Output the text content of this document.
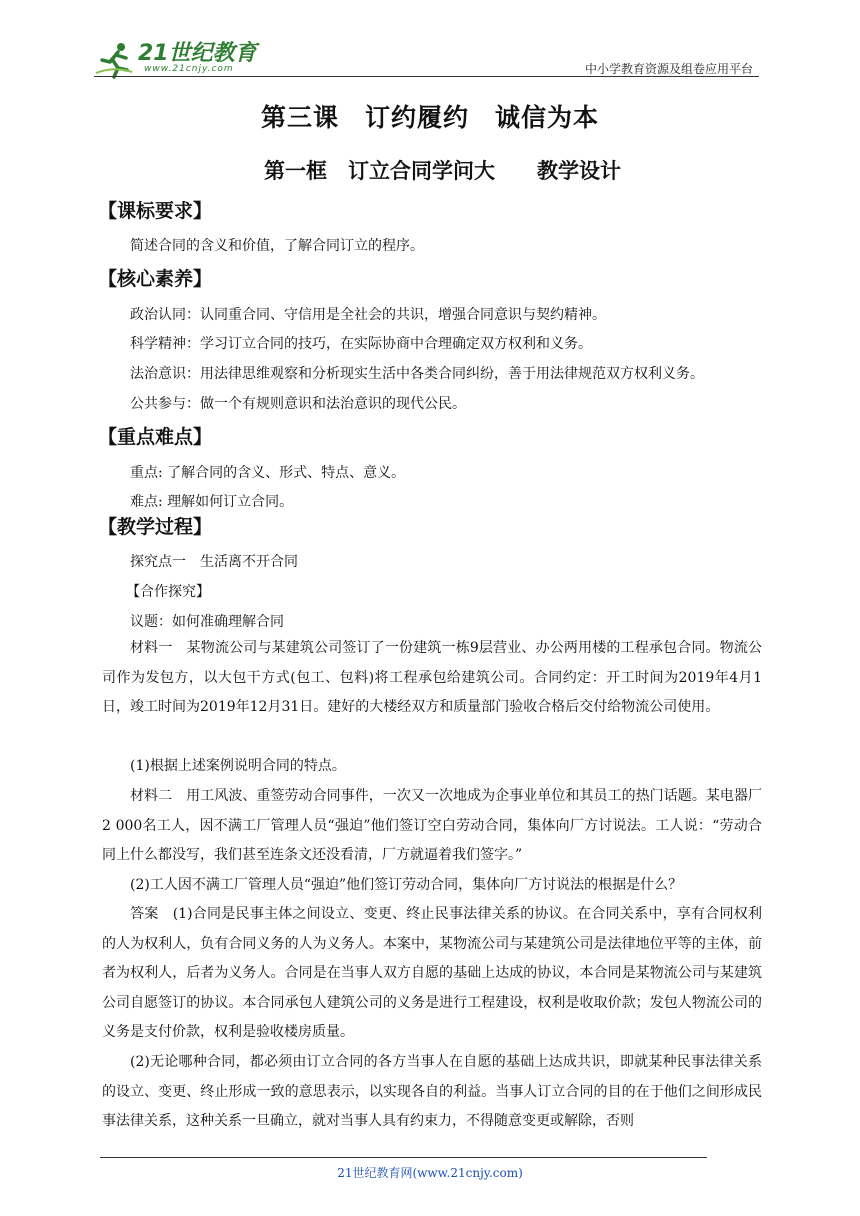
21世纪教育
www.21cnjy.com	中小学教育资源及组卷应用平台
第三课　订约履约　诚信为本
第一框　订立合同学问大　　教学设计
【课标要求】
简述合同的含义和价值，了解合同订立的程序。
【核心素养】
政治认同：认同重合同、守信用是全社会的共识，增强合同意识与契约精神。
科学精神：学习订立合同的技巧，在实际协商中合理确定双方权利和义务。
法治意识：用法律思维观察和分析现实生活中各类合同纠纷，善于用法律规范双方权利义务。
公共参与：做一个有规则意识和法治意识的现代公民。
【重点难点】
重点: 了解合同的含义、形式、特点、意义。
难点: 理解如何订立合同。
【教学过程】
探究点一　生活离不开合同
【合作探究】
议题：如何准确理解合同
材料一　某物流公司与某建筑公司签订了一份建筑一栋9层营业、办公两用楼的工程承包合同。物流公司作为发包方，以大包干方式(包工、包料)将工程承包给建筑公司。合同约定：开工时间为2019年4月1日，竣工时间为2019年12月31日。建好的大楼经双方和质量部门验收合格后交付给物流公司使用。
(1)根据上述案例说明合同的特点。
材料二　用工风波、重签劳动合同事件，一次又一次地成为企事业单位和其员工的热门话题。某电器厂2 000名工人，因不满工厂管理人员“强迫”他们签订空白劳动合同，集体向厂方讨说法。工人说：“劳动合同上什么都没写，我们甚至连条文还没看清，厂方就逼着我们签字。”
(2)工人因不满工厂管理人员“强迫”他们签订劳动合同，集体向厂方讨说法的根据是什么？
答案　(1)合同是民事主体之间设立、变更、终止民事法律关系的协议。在合同关系中，享有合同权利的人为权利人，负有合同义务的人为义务人。本案中，某物流公司与某建筑公司是法律地位平等的主体，前者为权利人，后者为义务人。合同是在当事人双方自愿的基础上达成的协议，本合同是某物流公司与某建筑公司自愿签订的协议。本合同承包人建筑公司的义务是进行工程建设，权利是收取价款；发包人物流公司的义务是支付价款，权利是验收楼房质量。
(2)无论哪种合同，都必须由订立合同的各方当事人在自愿的基础上达成共识，即就某种民事法律关系的设立、变更、终止形成一致的意思表示，以实现各自的利益。当事人订立合同的目的在于他们之间形成民事法律关系，这种关系一旦确立，就对当事人具有约束力，不得随意变更或解除，否则
21世纪教育网(www.21cnjy.com)
